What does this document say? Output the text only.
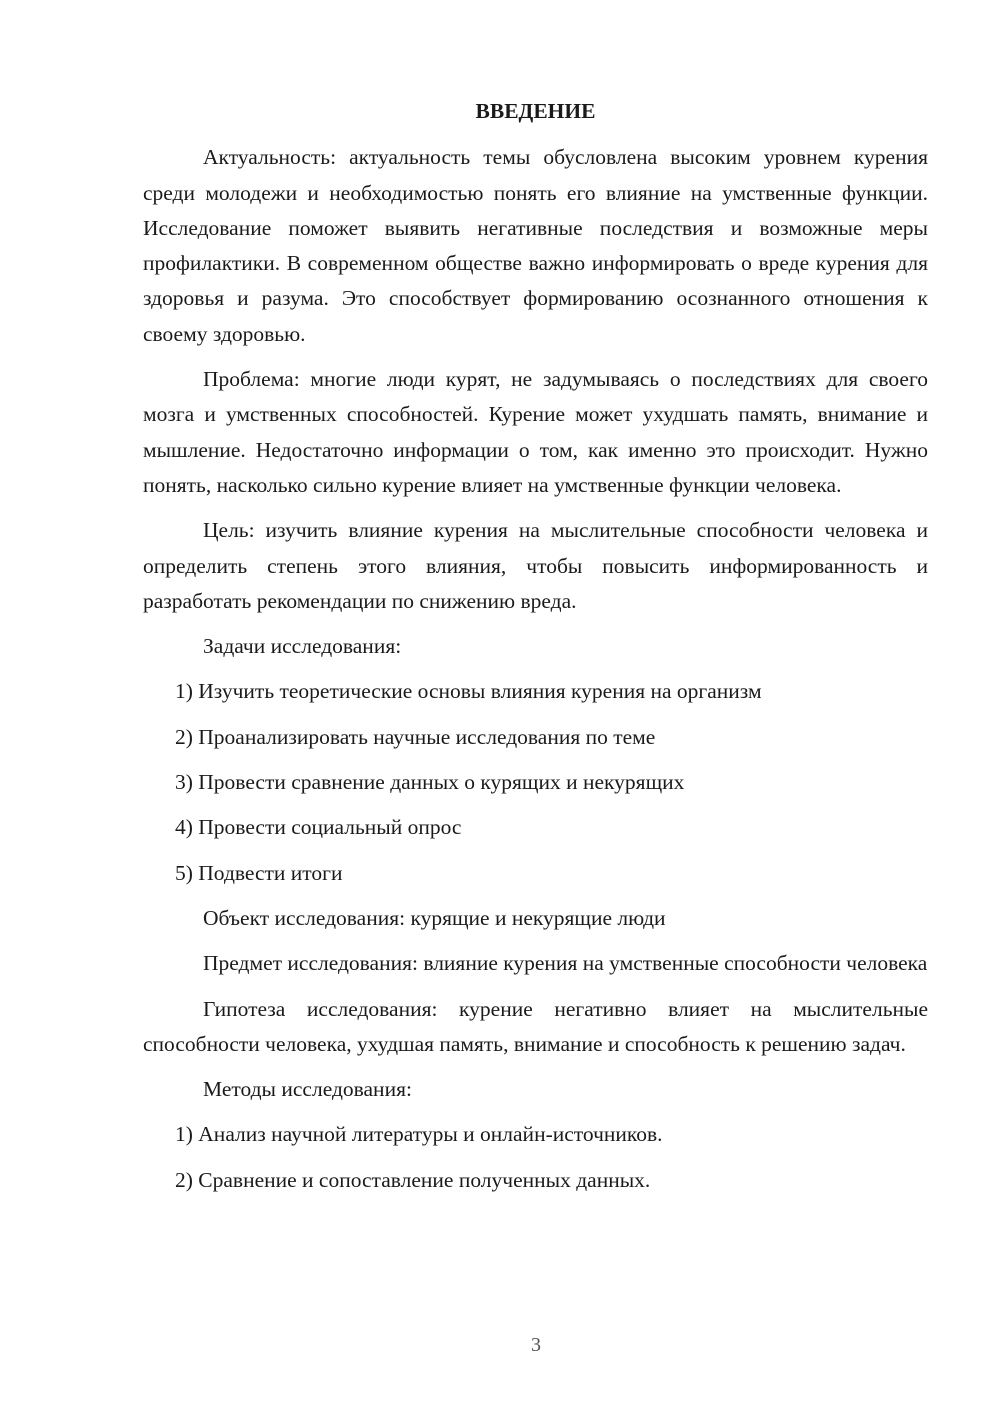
ВВЕДЕНИЕ

Актуальность: актуальность темы обусловлена высоким уровнем курения среди молодежи и необходимостью понять его влияние на умственные функции. Исследование поможет выявить негативные последствия и возможные меры профилактики. В современном обществе важно информировать о вреде курения для здоровья и разума. Это способствует формированию осознанного отношения к своему здоровью.

Проблема: многие люди курят, не задумываясь о последствиях для своего мозга и умственных способностей. Курение может ухудшать память, внимание и мышление. Недостаточно информации о том, как именно это происходит. Нужно понять, насколько сильно курение влияет на умственные функции человека.

Цель: изучить влияние курения на мыслительные способности человека и определить степень этого влияния, чтобы повысить информированность и разработать рекомендации по снижению вреда.

Задачи исследования:
1) Изучить теоретические основы влияния курения на организм
2) Проанализировать научные исследования по теме
3) Провести сравнение данных о курящих и некурящих
4) Провести социальный опрос
5) Подвести итоги
Объект исследования: курящие и некурящие люди

Предмет исследования: влияние курения на умственные способности человека

Гипотеза исследования: курение негативно влияет на мыслительные способности человека, ухудшая память, внимание и способность к решению задач.

Методы исследования:
1) Анализ научной литературы и онлайн-источников.
2) Сравнение и сопоставление полученных данных.
3
